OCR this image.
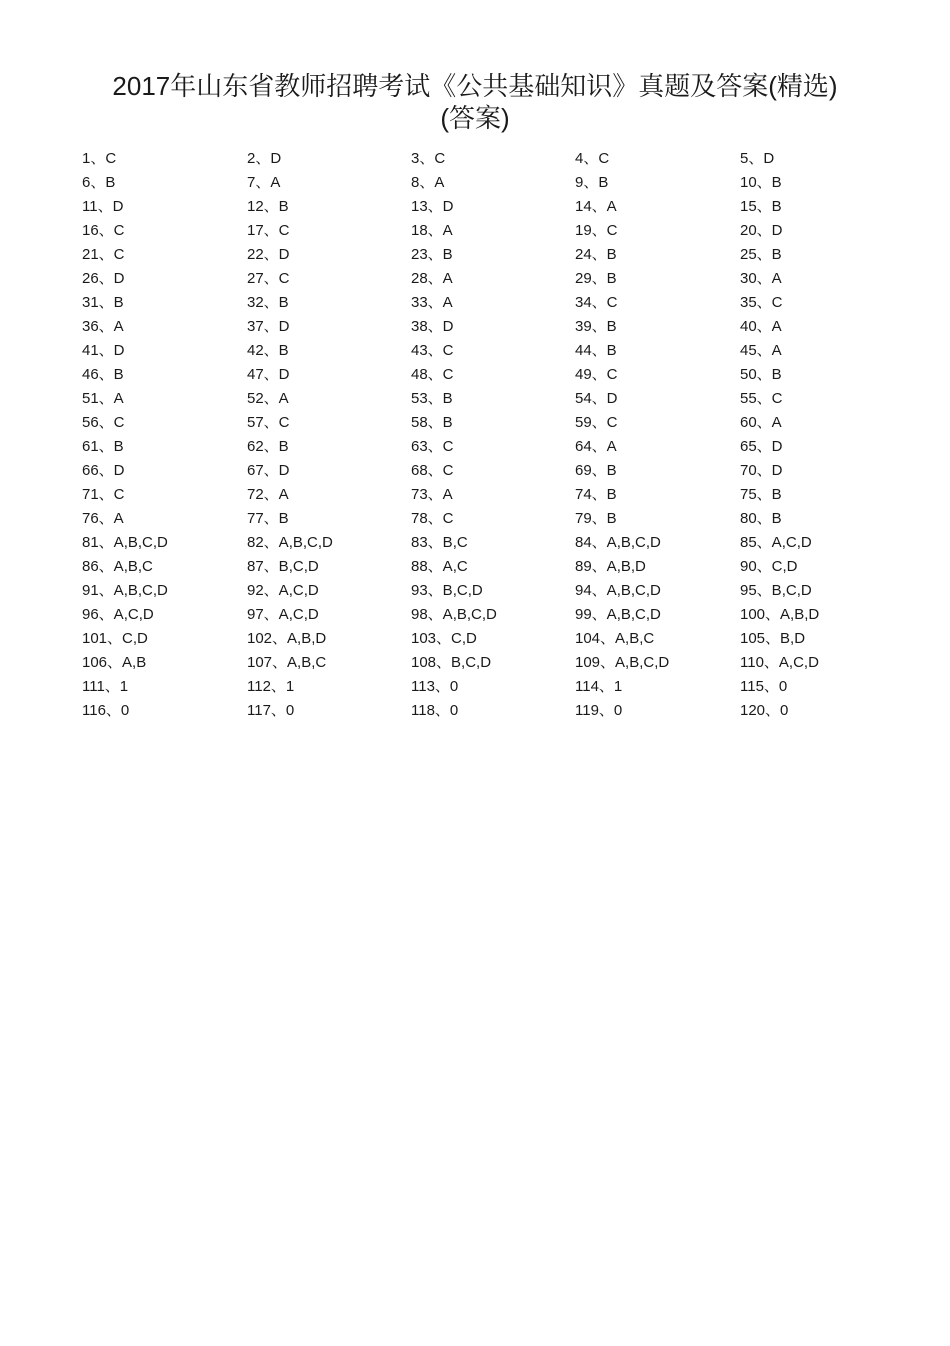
2017年山东省教师招聘考试《公共基础知识》真题及答案(精选)
(答案)
1、C	2、D	3、C	4、C	5、D
6、B	7、A	8、A	9、B	10、B
11、D	12、B	13、D	14、A	15、B
16、C	17、C	18、A	19、C	20、D
21、C	22、D	23、B	24、B	25、B
26、D	27、C	28、A	29、B	30、A
31、B	32、B	33、A	34、C	35、C
36、A	37、D	38、D	39、B	40、A
41、D	42、B	43、C	44、B	45、A
46、B	47、D	48、C	49、C	50、B
51、A	52、A	53、B	54、D	55、C
56、C	57、C	58、B	59、C	60、A
61、B	62、B	63、C	64、A	65、D
66、D	67、D	68、C	69、B	70、D
71、C	72、A	73、A	74、B	75、B
76、A	77、B	78、C	79、B	80、B
81、A,B,C,D	82、A,B,C,D	83、B,C	84、A,B,C,D	85、A,C,D
86、A,B,C	87、B,C,D	88、A,C	89、A,B,D	90、C,D
91、A,B,C,D	92、A,C,D	93、B,C,D	94、A,B,C,D	95、B,C,D
96、A,C,D	97、A,C,D	98、A,B,C,D	99、A,B,C,D	100、A,B,D
101、C,D	102、A,B,D	103、C,D	104、A,B,C	105、B,D
106、A,B	107、A,B,C	108、B,C,D	109、A,B,C,D	110、A,C,D
111、1	112、1	113、0	114、1	115、0
116、0	117、0	118、0	119、0	120、0
